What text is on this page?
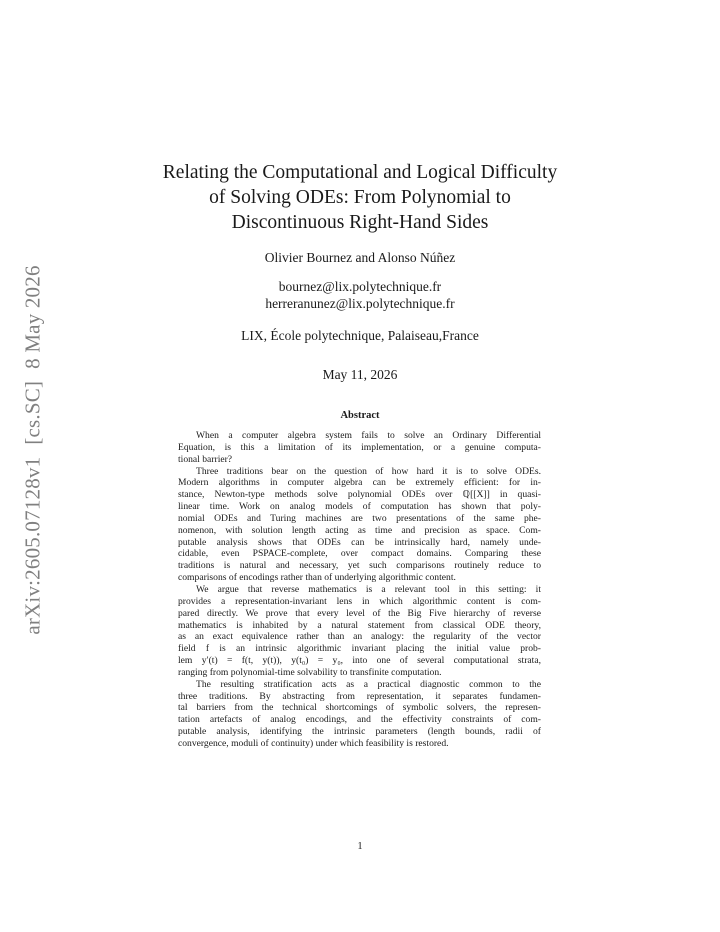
arXiv:2605.07128v1[cs.SC]8 May 2026
Relating the Computational and Logical Difficulty
of Solving ODEs: From Polynomial to
Discontinuous Right-Hand Sides
Olivier Bournez and Alonso Núñez
bournez@lix.polytechnique.fr
herreranunez@lix.polytechnique.fr
LIX, École polytechnique, Palaiseau,France
May 11, 2026
Abstract
When a computer algebra system fails to solve an Ordinary Differential
Equation, is this a limitation of its implementation, or a genuine computa-
tional barrier?
Three traditions bear on the question of how hard it is to solve ODEs.
Modern algorithms in computer algebra can be extremely efficient: for in-
stance, Newton-type methods solve polynomial ODEs over ℚ[[X]] in quasi-
linear time. Work on analog models of computation has shown that poly-
nomial ODEs and Turing machines are two presentations of the same phe-
nomenon, with solution length acting as time and precision as space. Com-
putable analysis shows that ODEs can be intrinsically hard, namely unde-
cidable, even PSPACE-complete, over compact domains. Comparing these
traditions is natural and necessary, yet such comparisons routinely reduce to
comparisons of encodings rather than of underlying algorithmic content.
We argue that reverse mathematics is a relevant tool in this setting: it
provides a representation-invariant lens in which algorithmic content is com-
pared directly. We prove that every level of the Big Five hierarchy of reverse
mathematics is inhabited by a natural statement from classical ODE theory,
as an exact equivalence rather than an analogy: the regularity of the vector
field f is an intrinsic algorithmic invariant placing the initial value prob-
lem y′(t) = f(t, y(t)), y(t₀) = y₀, into one of several computational strata,
ranging from polynomial-time solvability to transfinite computation.
The resulting stratification acts as a practical diagnostic common to the
three traditions. By abstracting from representation, it separates fundamen-
tal barriers from the technical shortcomings of symbolic solvers, the represen-
tation artefacts of analog encodings, and the effectivity constraints of com-
putable analysis, identifying the intrinsic parameters (length bounds, radii of
convergence, moduli of continuity) under which feasibility is restored.
1
